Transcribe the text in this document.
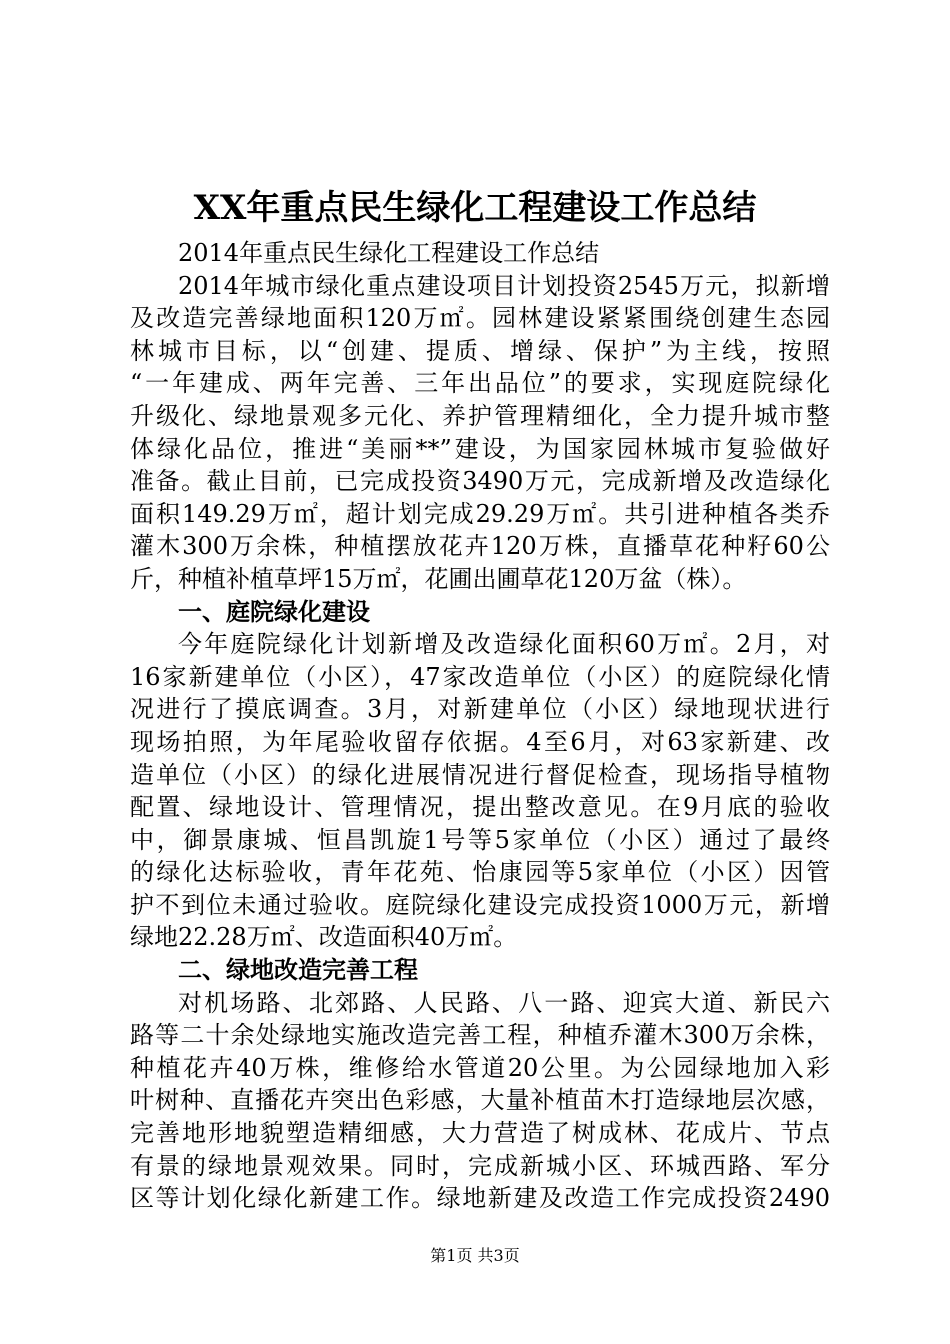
XX年重点民生绿化工程建设工作总结
2014年重点民生绿化工程建设工作总结
2014年城市绿化重点建设项目计划投资2545万元，拟新增
及改造完善绿地面积120万㎡。园林建设紧紧围绕创建生态园
林城市目标，以“创建、提质、增绿、保护”为主线，按照
“一年建成、两年完善、三年出品位”的要求，实现庭院绿化
升级化、绿地景观多元化、养护管理精细化，全力提升城市整
体绿化品位，推进“美丽**”建设，为国家园林城市复验做好
准备。截止目前，已完成投资3490万元，完成新增及改造绿化
面积149.29万㎡，超计划完成29.29万㎡。共引进种植各类乔
灌木300万余株，种植摆放花卉120万株，直播草花种籽60公
斤，种植补植草坪15万㎡，花圃出圃草花120万盆（株）。
一、庭院绿化建设
今年庭院绿化计划新增及改造绿化面积60万㎡。2月，对
16家新建单位（小区），47家改造单位（小区）的庭院绿化情
况进行了摸底调查。3月，对新建单位（小区）绿地现状进行
现场拍照，为年尾验收留存依据。4至6月，对63家新建、改
造单位（小区）的绿化进展情况进行督促检查，现场指导植物
配置、绿地设计、管理情况，提出整改意见。在9月底的验收
中，御景康城、恒昌凯旋1号等5家单位（小区）通过了最终
的绿化达标验收，青年花苑、怡康园等5家单位（小区）因管
护不到位未通过验收。庭院绿化建设完成投资1000万元，新增
绿地22.28万㎡、改造面积40万㎡。
二、绿地改造完善工程
对机场路、北郊路、人民路、八一路、迎宾大道、新民六
路等二十余处绿地实施改造完善工程，种植乔灌木300万余株，
种植花卉40万株，维修给水管道20公里。为公园绿地加入彩
叶树种、直播花卉突出色彩感，大量补植苗木打造绿地层次感，
完善地形地貌塑造精细感，大力营造了树成林、花成片、节点
有景的绿地景观效果。同时，完成新城小区、环城西路、军分
区等计划化绿化新建工作。绿地新建及改造工作完成投资2490
第1页 共3页
